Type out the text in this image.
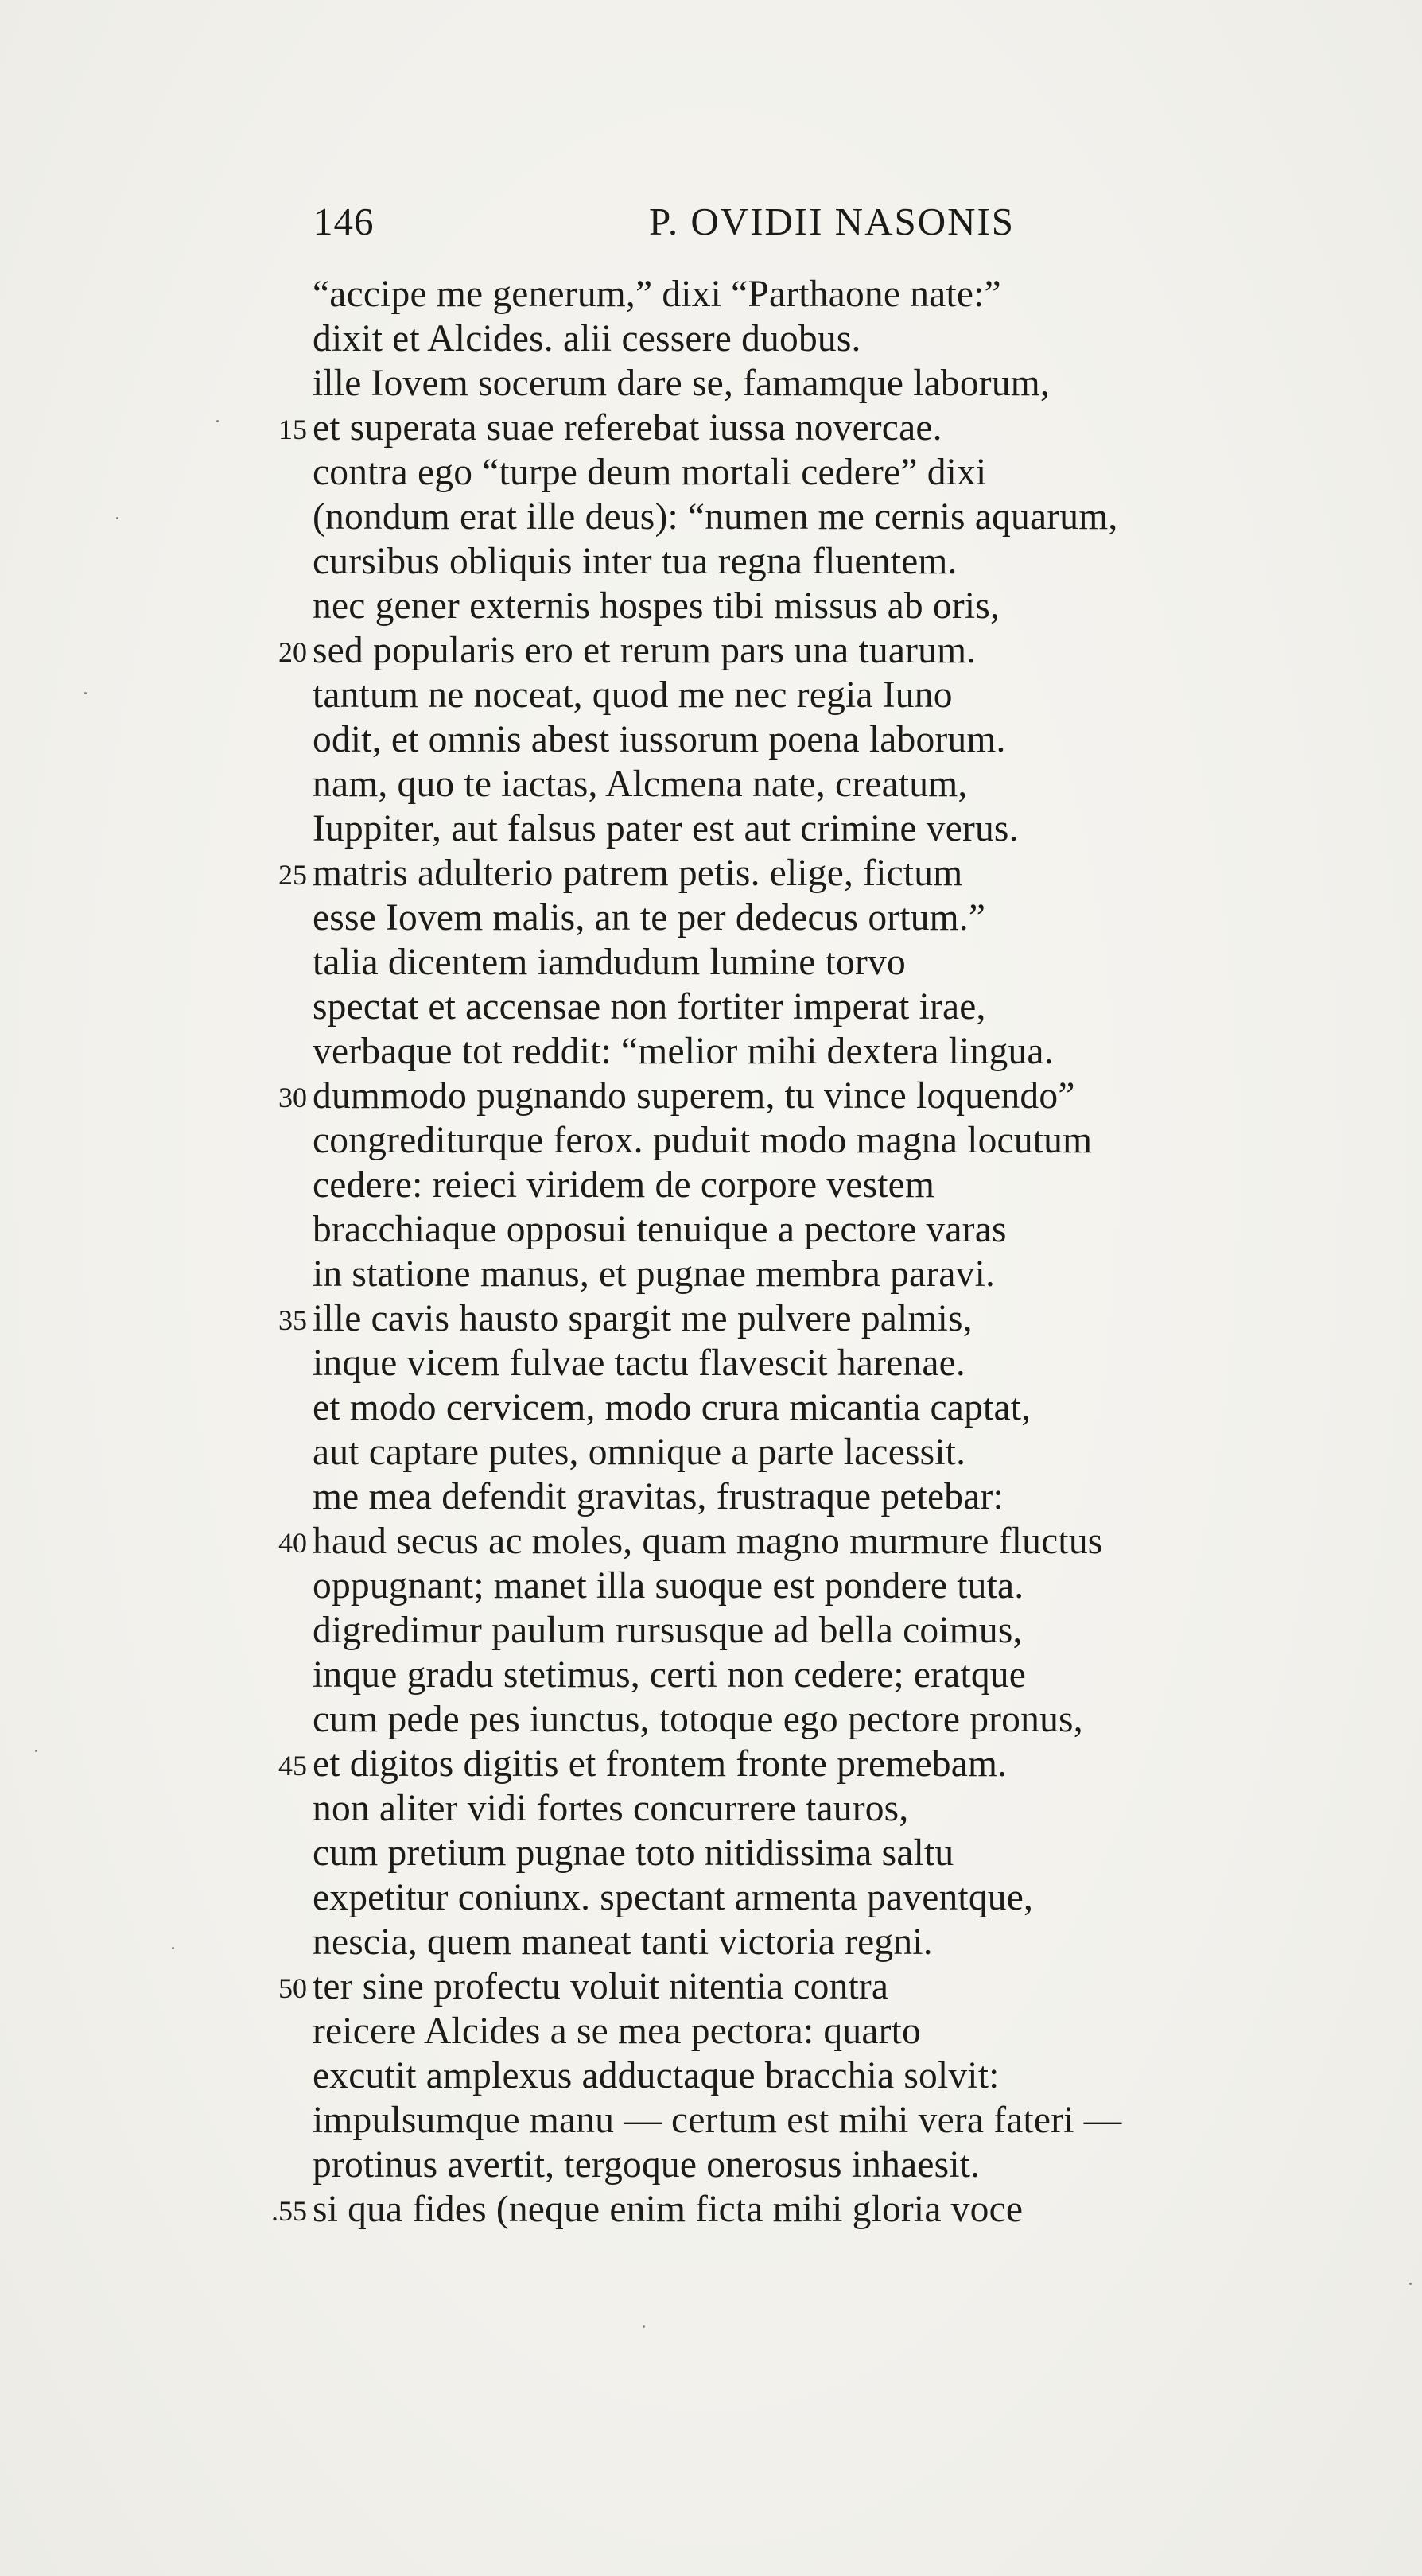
146	P. OVIDII NASONIS
“accipe me generum,” dixi “Parthaone nate:”
dixit et Alcides. alii cessere duobus.
ille Iovem socerum dare se, famamque laborum,
15 et superata suae referebat iussa novercae.
contra ego “turpe deum mortali cedere” dixi
(nondum erat ille deus): “numen me cernis aquarum,
cursibus obliquis inter tua regna fluentem.
nec gener externis hospes tibi missus ab oris,
20 sed popularis ero et rerum pars una tuarum.
tantum ne noceat, quod me nec regia Iuno
odit, et omnis abest iussorum poena laborum.
nam, quo te iactas, Alcmena nate, creatum,
Iuppiter, aut falsus pater est aut crimine verus.
25 matris adulterio patrem petis. elige, fictum
esse Iovem malis, an te per dedecus ortum.”
talia dicentem iamdudum lumine torvo
spectat et accensae non fortiter imperat irae,
verbaque tot reddit: “melior mihi dextera lingua.
30 dummodo pugnando superem, tu vince loquendo”
congrediturque ferox. puduit modo magna locutum
cedere: reieci viridem de corpore vestem
bracchiaque opposui tenuique a pectore varas
in statione manus, et pugnae membra paravi.
35 ille cavis hausto spargit me pulvere palmis,
inque vicem fulvae tactu flavescit harenae.
et modo cervicem, modo crura micantia captat,
aut captare putes, omnique a parte lacessit.
me mea defendit gravitas, frustraque petebar:
40 haud secus ac moles, quam magno murmure fluctus
oppugnant; manet illa suoque est pondere tuta.
digredimur paulum rursusque ad bella coimus,
inque gradu stetimus, certi non cedere; eratque
cum pede pes iunctus, totoque ego pectore pronus,
45 et digitos digitis et frontem fronte premebam.
non aliter vidi fortes concurrere tauros,
cum pretium pugnae toto nitidissima saltu
expetitur coniunx. spectant armenta paventque,
nescia, quem maneat tanti victoria regni.
50 ter sine profectu voluit nitentia contra
reicere Alcides a se mea pectora: quarto
excutit amplexus adductaque bracchia solvit:
impulsumque manu — certum est mihi vera fateri —
protinus avertit, tergoque onerosus inhaesit.
.55 si qua fides (neque enim ficta mihi gloria voce
